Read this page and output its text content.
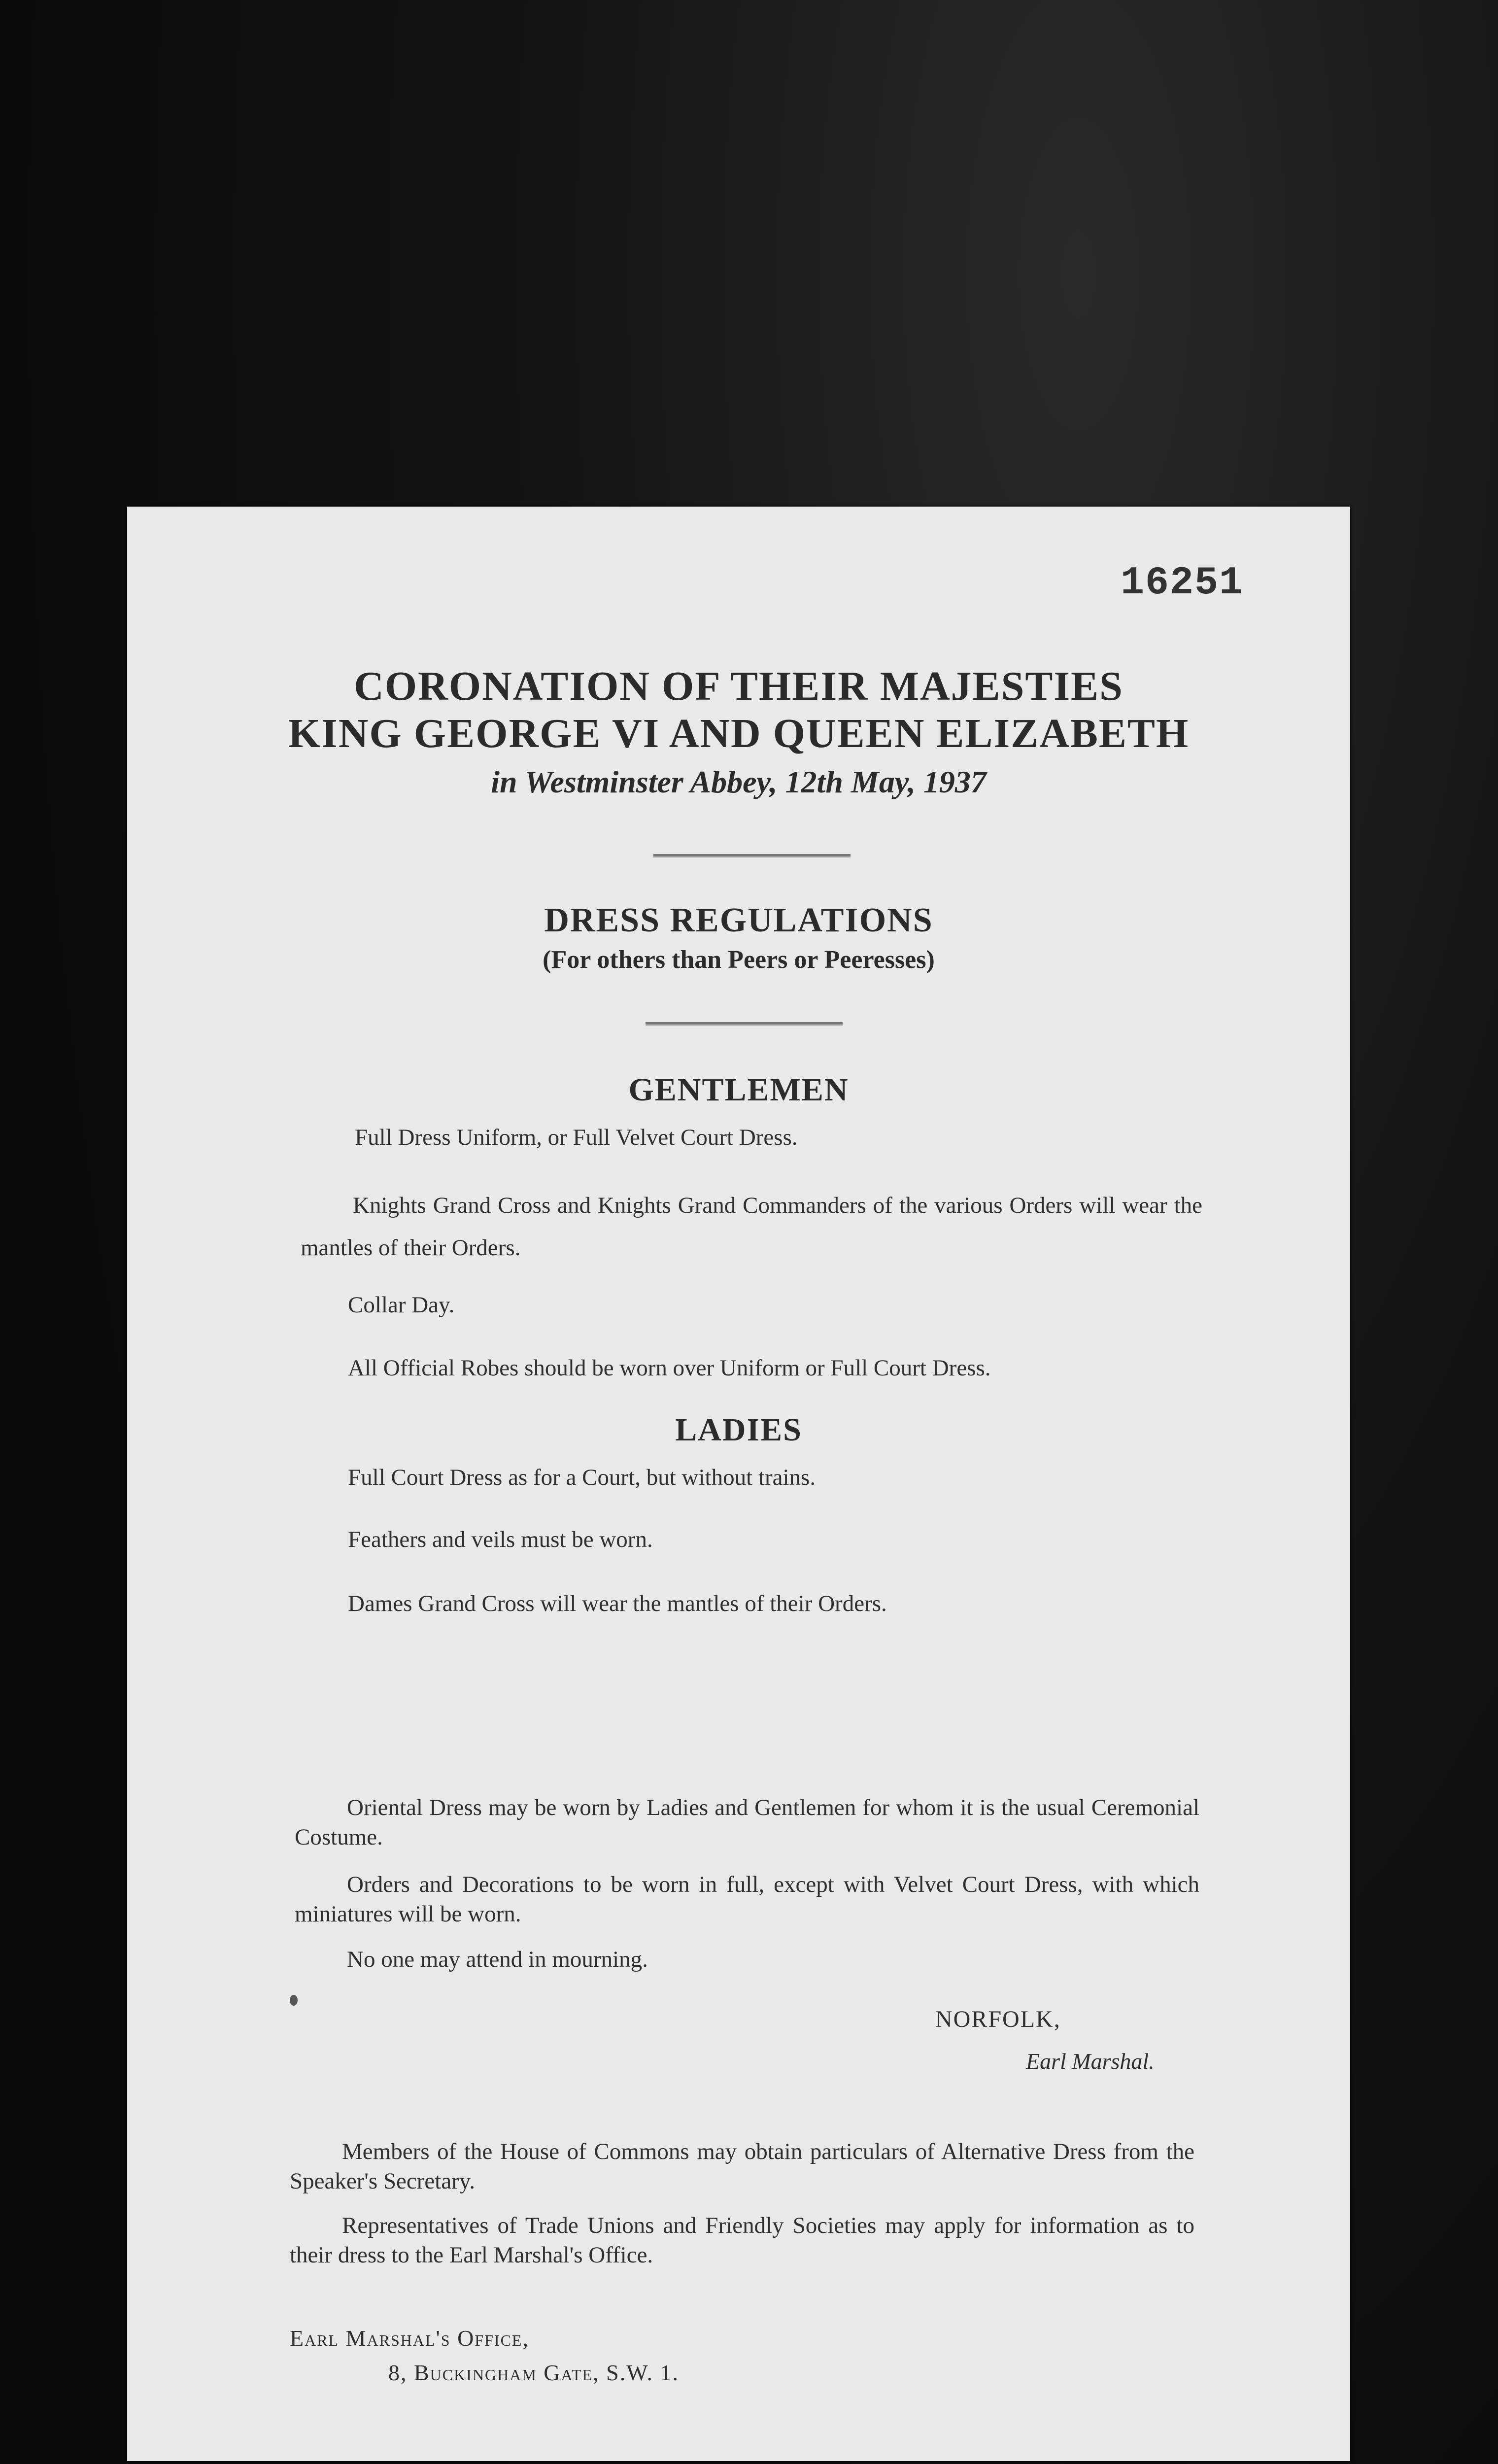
16251
CORONATION OF THEIR MAJESTIES
KING GEORGE VI AND QUEEN ELIZABETH
in Westminster Abbey, 12th May, 1937
DRESS REGULATIONS
(For others than Peers or Peeresses)
GENTLEMEN
Full Dress Uniform, or Full Velvet Court Dress.
Knights Grand Cross and Knights Grand Commanders of the various Orders will wear the mantles of their Orders.
Collar Day.
All Official Robes should be worn over Uniform or Full Court Dress.
LADIES
Full Court Dress as for a Court, but without trains.
Feathers and veils must be worn.
Dames Grand Cross will wear the mantles of their Orders.
Oriental Dress may be worn by Ladies and Gentlemen for whom it is the usual Ceremonial Costume.
Orders and Decorations to be worn in full, except with Velvet Court Dress, with which miniatures will be worn.
No one may attend in mourning.
NORFOLK,
Earl Marshal.
Members of the House of Commons may obtain particulars of Alternative Dress from the Speaker's Secretary.
Representatives of Trade Unions and Friendly Societies may apply for information as to their dress to the Earl Marshal's Office.
Earl Marshal's Office,
8, Buckingham Gate, S.W. 1.
